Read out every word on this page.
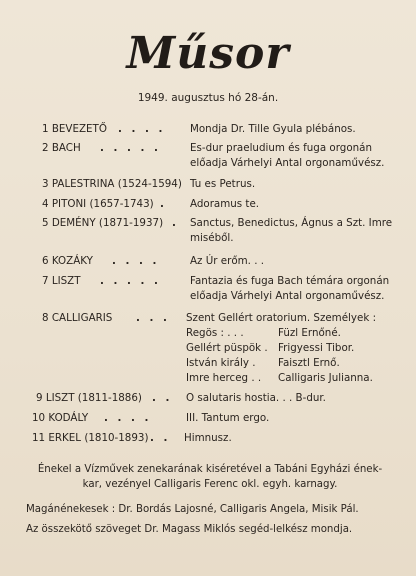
Műsor
1949. augusztus hó 28-án.
1 BEVEZETŐ . . . . Mondja Dr. Tille Gyula plébános.
2 BACH . . . . .	Es-dur praeludium és fuga orgonán
előadja Várhelyi Antal orgonaművész.
3 PALESTRINA (1524-1594) Tu es Petrus.
4 PITONI (1657-1743) . Adoramus te.
5 DEMÉNY (1871-1937) . Sanctus, Benedictus, Ágnus a Szt. Imre
miséből.
6 KOZÁKY . . . .	Az Úr erőm. . .
7 LISZT . . . . .	Fantazia és fuga Bach témára orgonán
előadja Várhelyi Antal orgonaművész.
8 CALLIGARIS . . . Szent Gellért oratorium. Személyek :
Regös : . . .	Füzl Ernőné.
Gellért püspök . Frigyessi Tibor.
István király . Faisztl Ernő.
Imre herceg . . Calligaris Julianna.
9 LISZT (1811-1886) . . O salutaris hostia. . . B-dur.
10 KODÁLY . . . .	III. Tantum ergo.
11 ERKEL (1810-1893) . . Himnusz.
Énekel a Vízművek zenekarának kiséretével a Tabáni Egyházi ének-
kar, vezényel Calligaris Ferenc okl. egyh. karnagy.
Magánénekesek : Dr. Bordás Lajosné, Calligaris Angela, Misik Pál.
Az összekötő szöveget Dr. Magass Miklós segéd-lelkész mondja.
